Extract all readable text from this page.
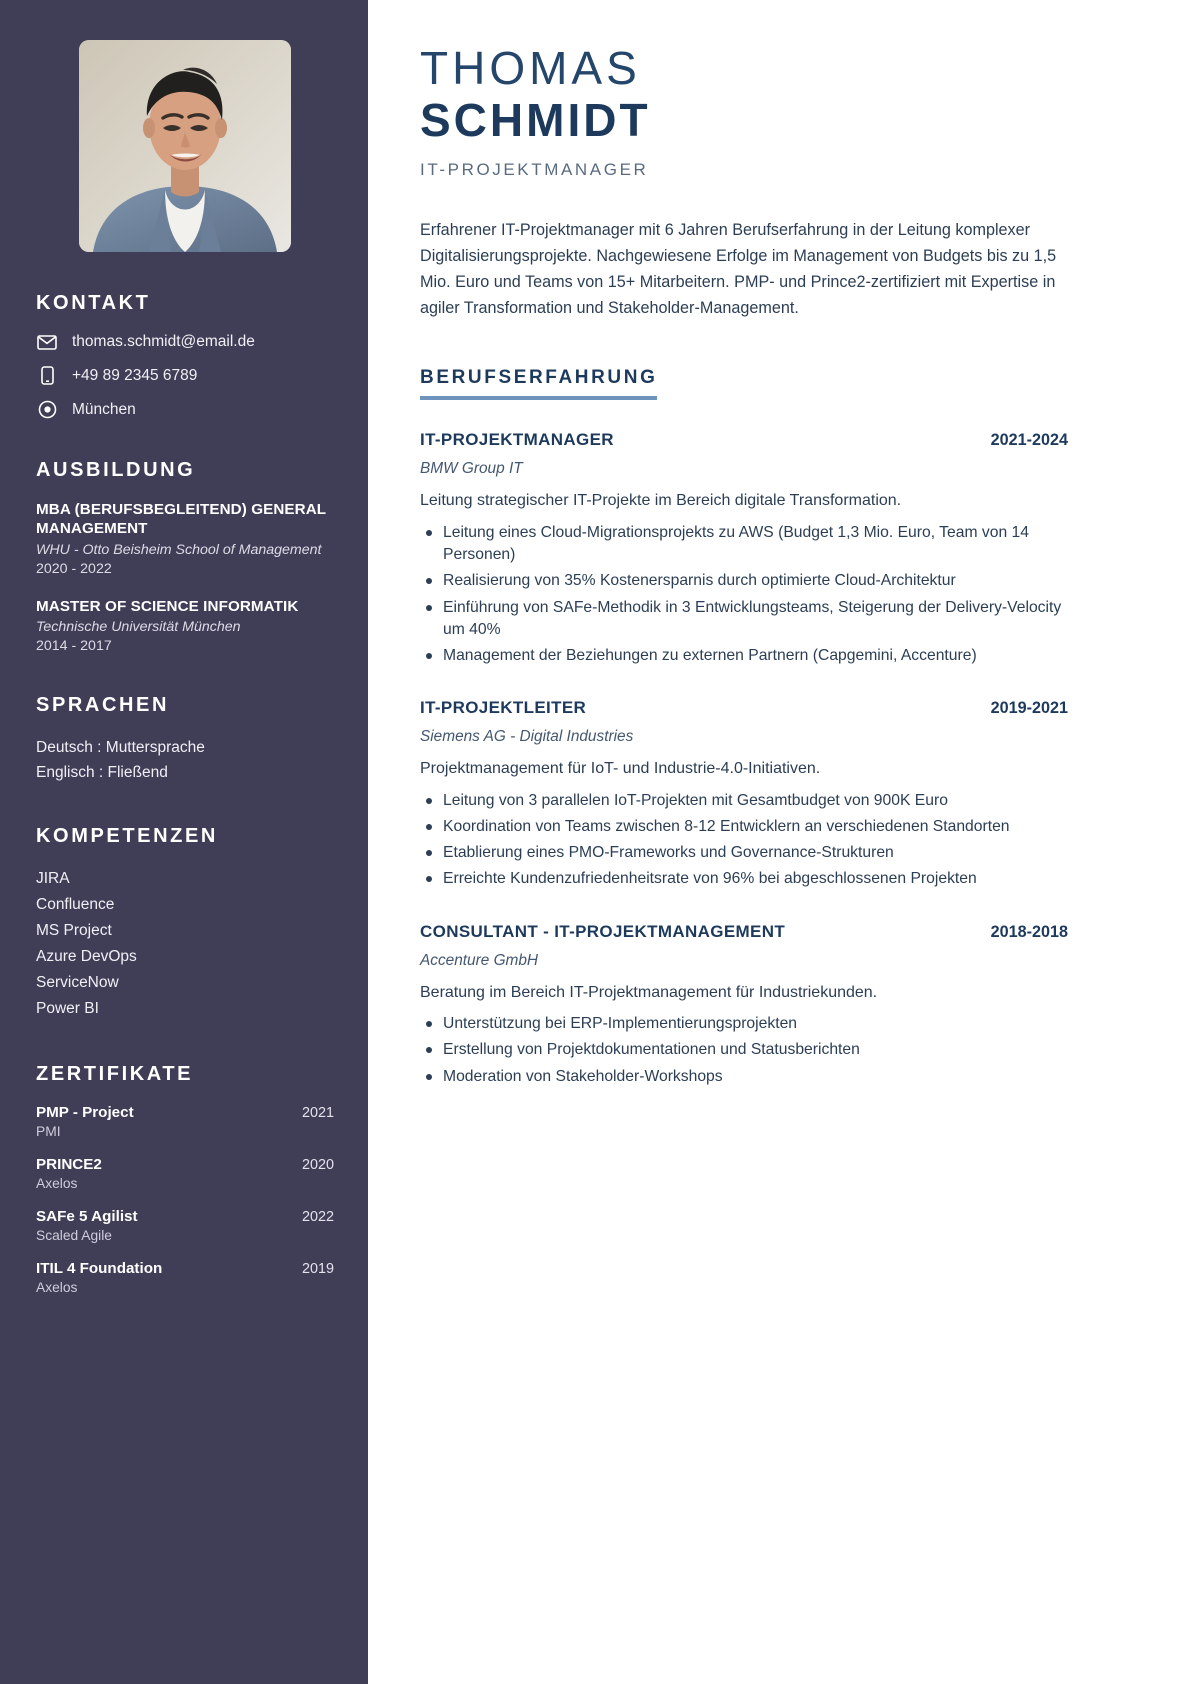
KONTAKT
thomas.schmidt@email.de
+49 89 2345 6789
München
AUSBILDUNG
MBA (BERUFSBEGLEITEND) GENERAL MANAGEMENT
WHU - Otto Beisheim School of Management
2020 - 2022
MASTER OF SCIENCE INFORMATIK
Technische Universität München
2014 - 2017
SPRACHEN
Deutsch : Muttersprache
Englisch : Fließend
KOMPETENZEN
JIRA
Confluence
MS Project
Azure DevOps
ServiceNow
Power BI
ZERTIFIKATE
PMP - Project	2021
PMI
PRINCE2	2020
Axelos
SAFe 5 Agilist	2022
Scaled Agile
ITIL 4 Foundation	2019
Axelos
THOMAS
SCHMIDT
IT-PROJEKTMANAGER

Erfahrener IT-Projektmanager mit 6 Jahren Berufserfahrung in der Leitung komplexer Digitalisierungsprojekte. Nachgewiesene Erfolge im Management von Budgets bis zu 1,5 Mio. Euro und Teams von 15+ Mitarbeitern. PMP- und Prince2-zertifiziert mit Expertise in agiler Transformation und Stakeholder-Management.

BERUFSERFAHRUNG
IT-PROJEKTMANAGER	2021-2024
BMW Group IT
Leitung strategischer IT-Projekte im Bereich digitale Transformation.
Leitung eines Cloud-Migrationsprojekts zu AWS (Budget 1,3 Mio. Euro, Team von 14 Personen)
Realisierung von 35% Kostenersparnis durch optimierte Cloud-Architektur
Einführung von SAFe-Methodik in 3 Entwicklungsteams, Steigerung der Delivery-Velocity um 40%
Management der Beziehungen zu externen Partnern (Capgemini, Accenture)
IT-PROJEKTLEITER	2019-2021
Siemens AG - Digital Industries
Projektmanagement für IoT- und Industrie-4.0-Initiativen.
Leitung von 3 parallelen IoT-Projekten mit Gesamtbudget von 900K Euro
Koordination von Teams zwischen 8-12 Entwicklern an verschiedenen Standorten
Etablierung eines PMO-Frameworks und Governance-Strukturen
Erreichte Kundenzufriedenheitsrate von 96% bei abgeschlossenen Projekten
CONSULTANT - IT-PROJEKTMANAGEMENT	2018-2018
Accenture GmbH
Beratung im Bereich IT-Projektmanagement für Industriekunden.
Unterstützung bei ERP-Implementierungsprojekten
Erstellung von Projektdokumentationen und Statusberichten
Moderation von Stakeholder-Workshops
